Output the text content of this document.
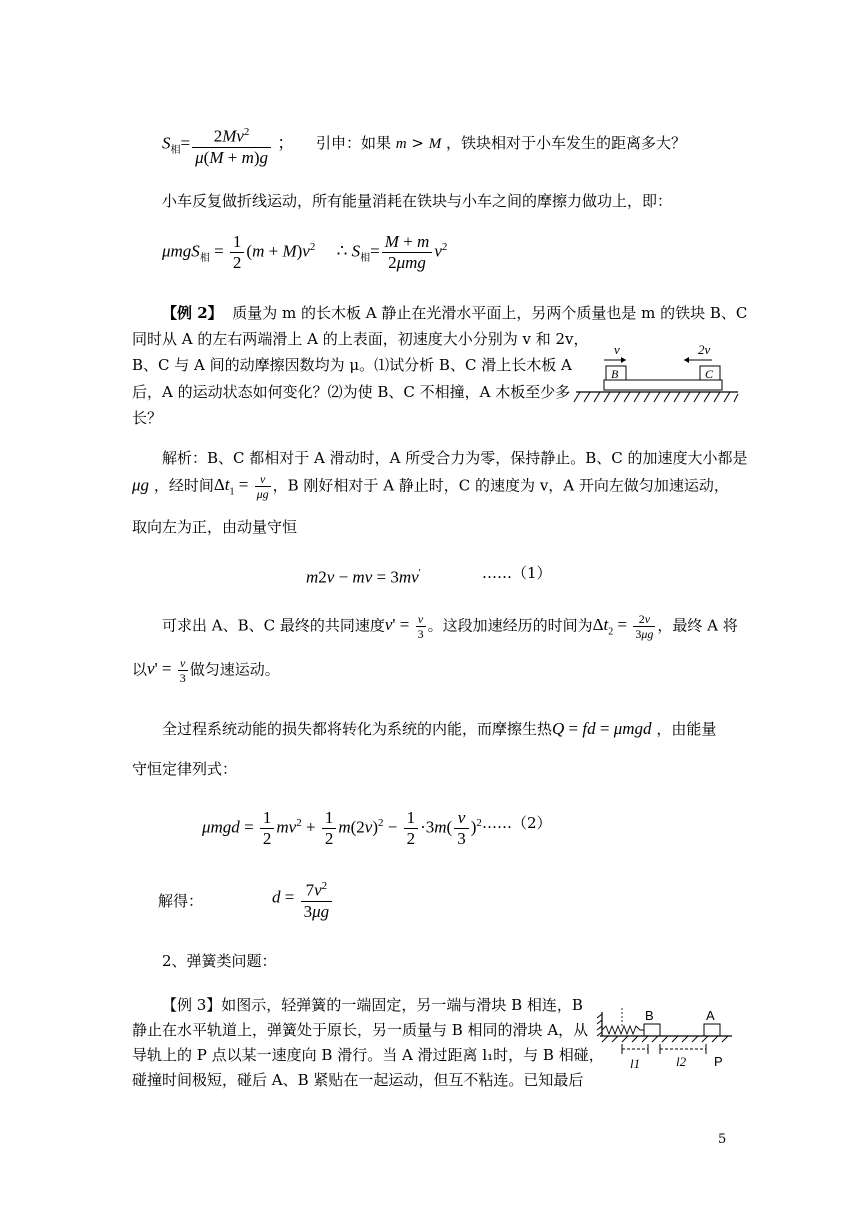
$S_相= \frac{2Mv^2}{\mu(M + m)g}$ ； 引申：如果 m > M ，铁块相对于小车发生的距离多大？
小车反复做折线运动，所有能量消耗在铁块与小车之间的摩擦力做功上，即：
$\mu mgS_相 = \frac{1}{2} (m + M)v^2$     ∴ $S_相= \frac{M + m}{\text{2μmg}} v^2$
【例 2】 质量为 m 的长木板 A 静止在光滑水平面上，另两个质量也是 m 的铁块 B、C
同时从 A 的左右两端滑上 A 的上表面，初速度大小分别为 v 和 2v，
B、C 与 A 间的动摩擦因数均为 μ。⑴试分析 B、C 滑上长木板 A
后，A 的运动状态如何变化？⑵为使 B、C 不相撞，A 木板至少多
长？
v	2v
B	C
解析：B、C 都相对于 A 滑动时，A 所受合力为零，保持静止。B、C 的加速度大小都是
μg ，经时间$\Delta t_1 = \frac{v}{\mu g}$ ，B 刚好相对于 A 静止时，C 的速度为 v，A 开向左做匀加速运动，
取向左为正，由动量守恒
m2v − mv = 3mv'	……（1）
可求出 A、B、C 最终的共同速度$v' = \frac{v}{3}$ 。这段加速经历的时间为$\Delta t_2 = \frac{2v}{3\mu g}$ ，最终 A 将
以$v' = \frac{v}{3}$ 做匀速运动。
全过程系统动能的损失都将转化为系统的内能，而摩擦生热Q = fd = μmgd ，由能量
守恒定律列式：
$\mu mgd = \frac{1}{2} mv^2 + \frac{1}{2} m(2v)^2 - \frac{1}{2} \cdot 3m( \frac{v}{3} )^2$ ……（2）
解得：	$d = \frac{7v^2}{3\mu g}$
2、弹簧类问题：
【例 3】如图示，轻弹簧的一端固定，另一端与滑块 B 相连，B
静止在水平轨道上，弹簧处于原长，另一质量与 B 相同的滑块 A，从
导轨上的 P 点以某一速度向 B 滑行。当 A 滑过距离 l₁时，与 B 相碰，
碰撞时间极短，碰后 A、B 紧贴在一起运动，但互不粘连。已知最后
B	A
l1	l2 P
5
